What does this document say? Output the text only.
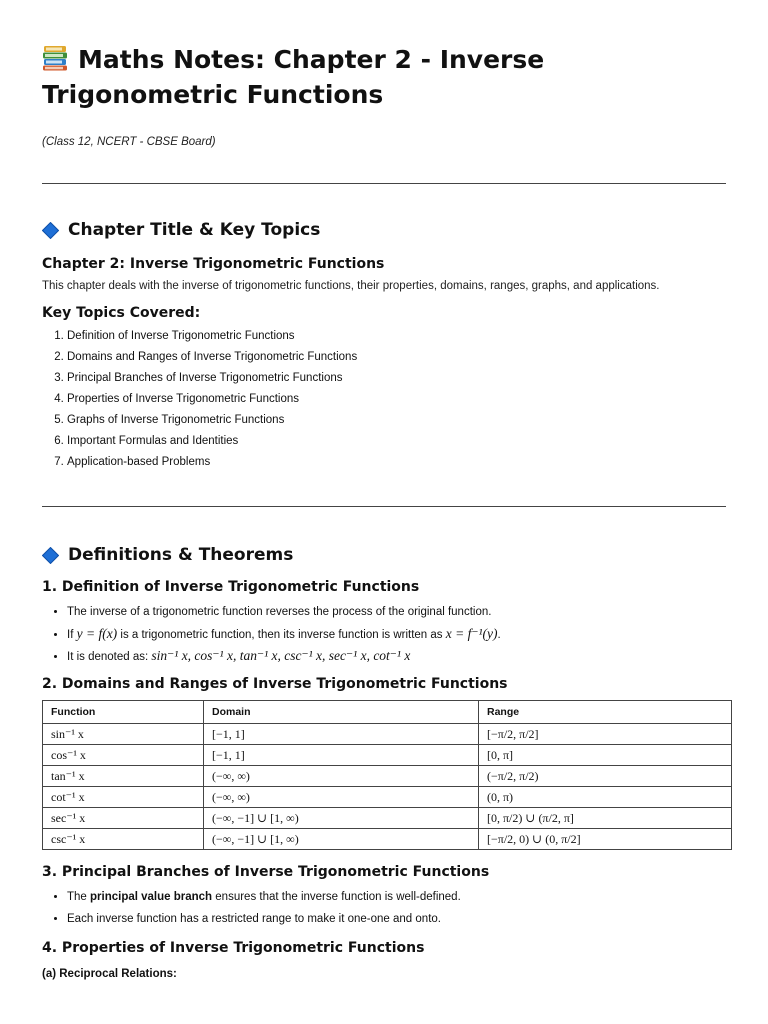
Maths Notes: Chapter 2 - Inverse Trigonometric Functions
(Class 12, NCERT - CBSE Board)
Chapter Title & Key Topics
Chapter 2: Inverse Trigonometric Functions
This chapter deals with the inverse of trigonometric functions, their properties, domains, ranges, graphs, and applications.
Key Topics Covered:
1. Definition of Inverse Trigonometric Functions
2. Domains and Ranges of Inverse Trigonometric Functions
3. Principal Branches of Inverse Trigonometric Functions
4. Properties of Inverse Trigonometric Functions
5. Graphs of Inverse Trigonometric Functions
6. Important Formulas and Identities
7. Application-based Problems
Definitions & Theorems
1. Definition of Inverse Trigonometric Functions
• The inverse of a trigonometric function reverses the process of the original function.
• If y = f(x) is a trigonometric function, then its inverse function is written as x = f⁻¹(y).
• It is denoted as: sin⁻¹ x, cos⁻¹ x, tan⁻¹ x, csc⁻¹ x, sec⁻¹ x, cot⁻¹ x
2. Domains and Ranges of Inverse Trigonometric Functions
Function	Domain	Range
sin⁻¹ x	[−1, 1]	[−π/2, π/2]
cos⁻¹ x	[−1, 1]	[0, π]
tan⁻¹ x	(−∞, ∞)	(−π/2, π/2)
cot⁻¹ x	(−∞, ∞)	(0, π)
sec⁻¹ x	(−∞, −1] ∪ [1, ∞)	[0, π/2) ∪ (π/2, π]
csc⁻¹ x	(−∞, −1] ∪ [1, ∞)	[−π/2, 0) ∪ (0, π/2]
3. Principal Branches of Inverse Trigonometric Functions
• The principal value branch ensures that the inverse function is well-defined.
• Each inverse function has a restricted range to make it one-one and onto.
4. Properties of Inverse Trigonometric Functions
(a) Reciprocal Relations:
